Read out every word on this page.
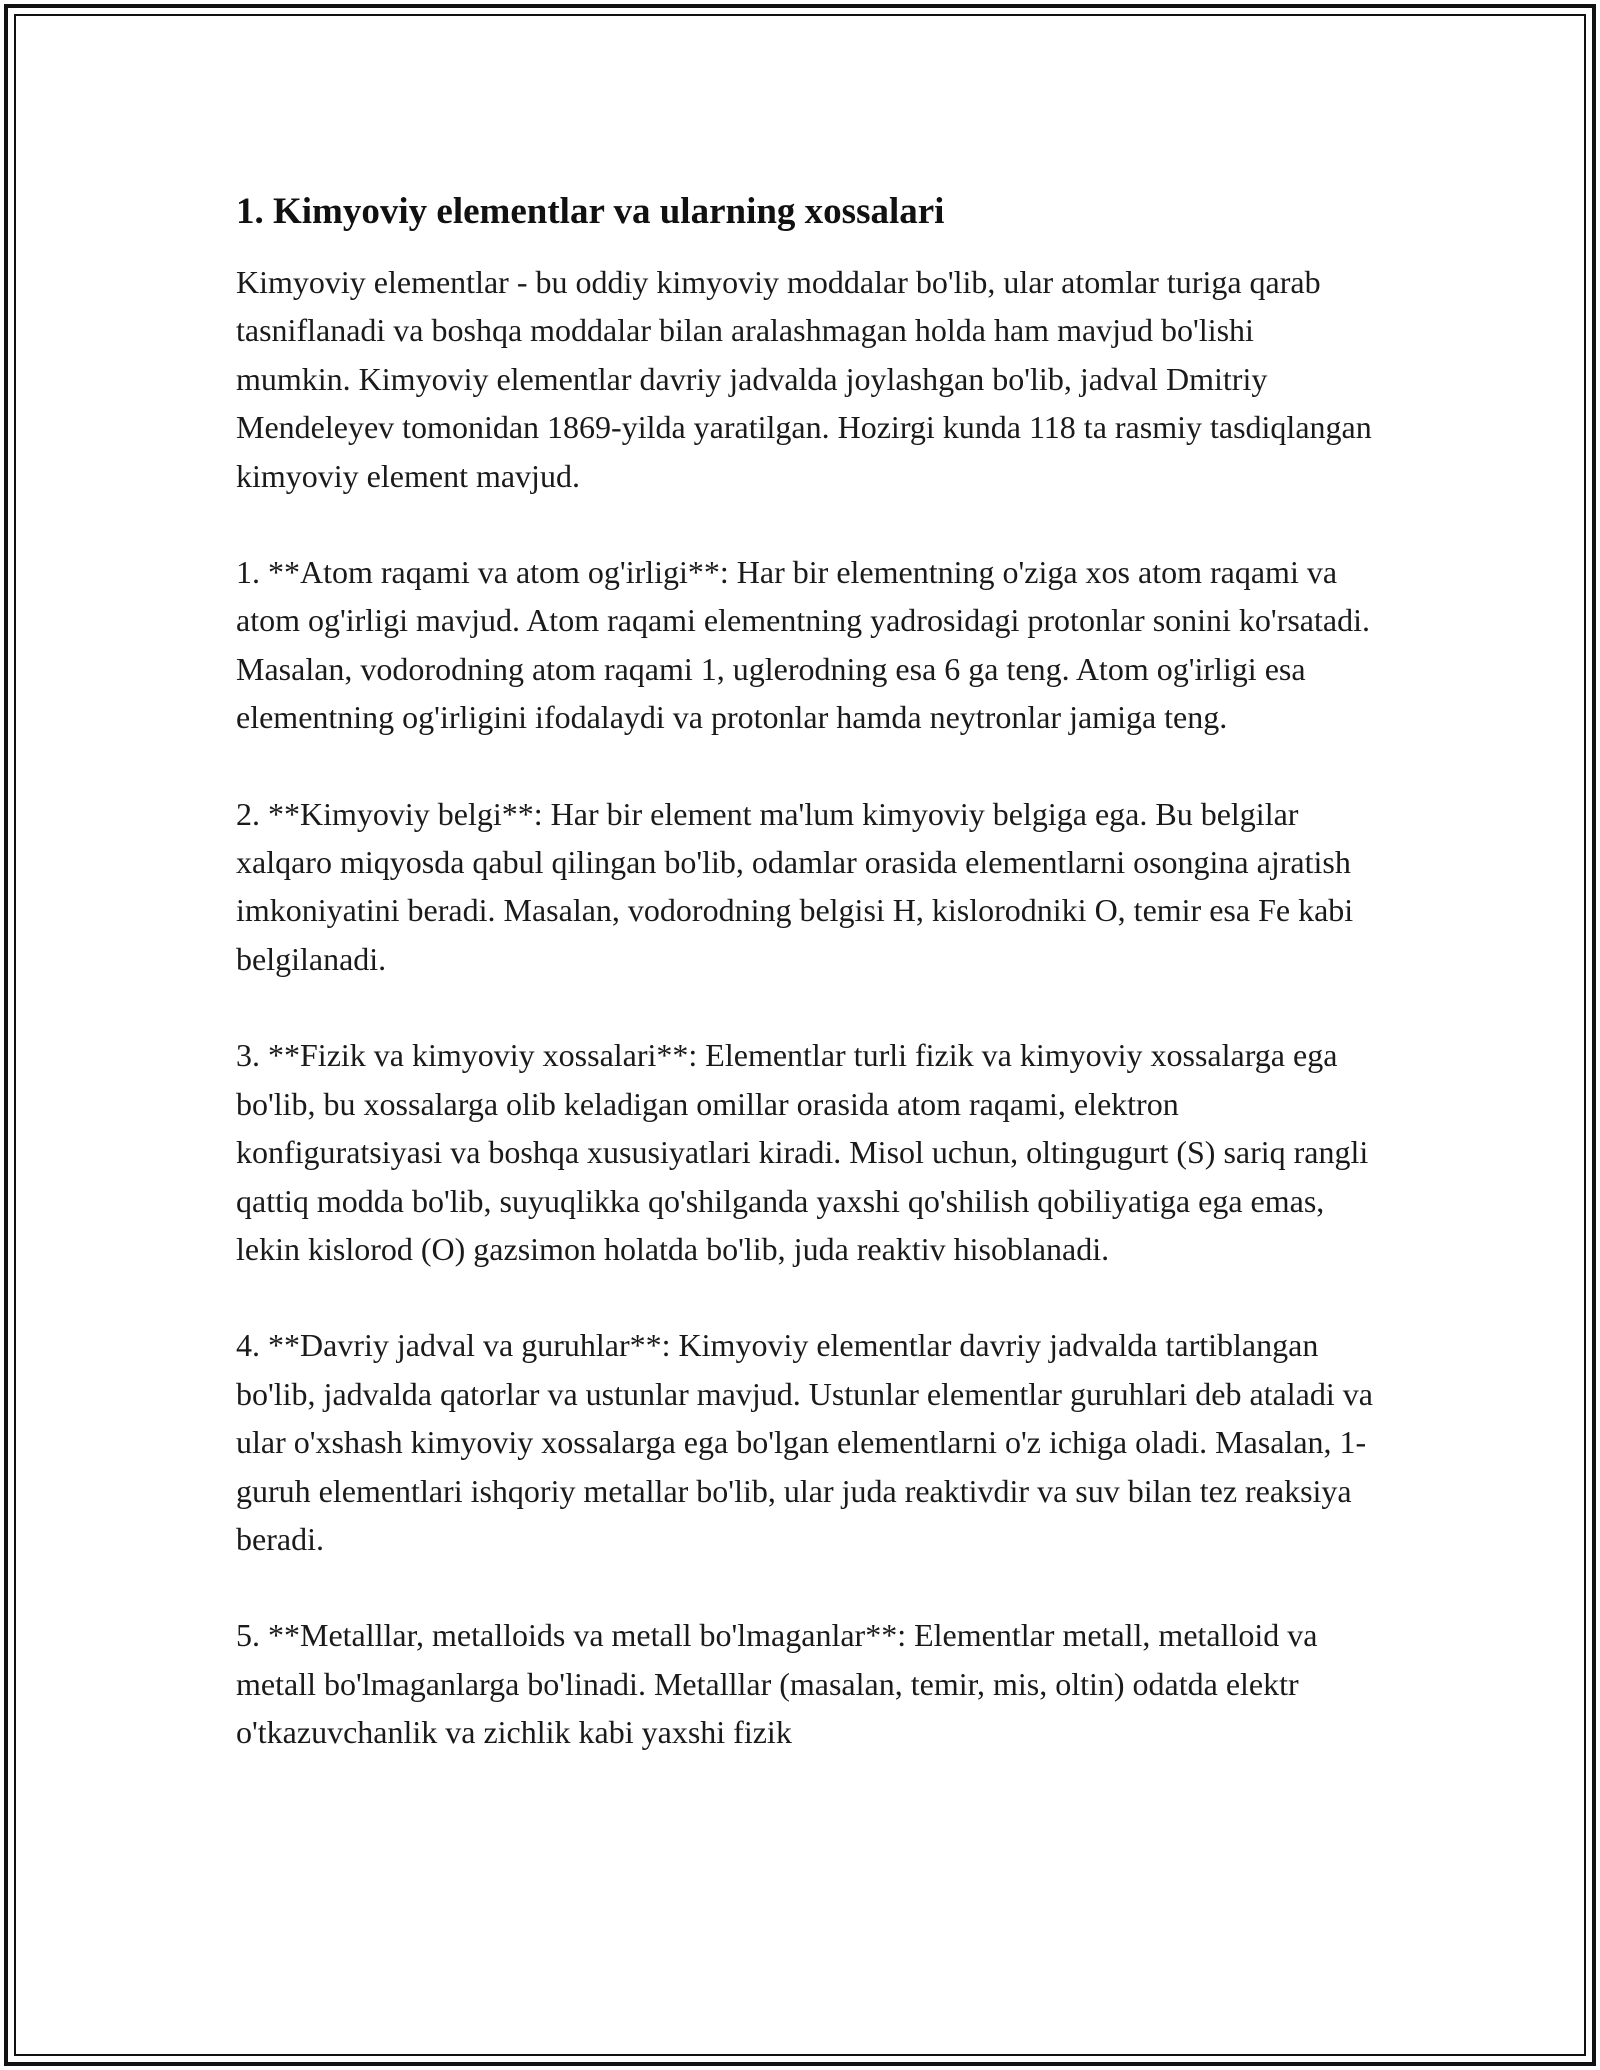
1. Kimyoviy elementlar va ularning xossalari

Kimyoviy elementlar - bu oddiy kimyoviy moddalar bo'lib, ular atomlar turiga qarab tasniflanadi va boshqa moddalar bilan aralashmagan holda ham mavjud bo'lishi mumkin. Kimyoviy elementlar davriy jadvalda joylashgan bo'lib, jadval Dmitriy Mendeleyev tomonidan 1869-yilda yaratilgan. Hozirgi kunda 118 ta rasmiy tasdiqlangan kimyoviy element mavjud.

1. **Atom raqami va atom og'irligi**: Har bir elementning o'ziga xos atom raqami va atom og'irligi mavjud. Atom raqami elementning yadrosidagi protonlar sonini ko'rsatadi. Masalan, vodorodning atom raqami 1, uglerodning esa 6 ga teng. Atom og'irligi esa elementning og'irligini ifodalaydi va protonlar hamda neytronlar jamiga teng.

2. **Kimyoviy belgi**: Har bir element ma'lum kimyoviy belgiga ega. Bu belgilar xalqaro miqyosda qabul qilingan bo'lib, odamlar orasida elementlarni osongina ajratish imkoniyatini beradi. Masalan, vodorodning belgisi H, kislorodniki O, temir esa Fe kabi belgilanadi.

3. **Fizik va kimyoviy xossalari**: Elementlar turli fizik va kimyoviy xossalarga ega bo'lib, bu xossalarga olib keladigan omillar orasida atom raqami, elektron konfiguratsiyasi va boshqa xususiyatlari kiradi. Misol uchun, oltingugurt (S) sariq rangli qattiq modda bo'lib, suyuqlikka qo'shilganda yaxshi qo'shilish qobiliyatiga ega emas, lekin kislorod (O) gazsimon holatda bo'lib, juda reaktiv hisoblanadi.

4. **Davriy jadval va guruhlar**: Kimyoviy elementlar davriy jadvalda tartiblangan bo'lib, jadvalda qatorlar va ustunlar mavjud. Ustunlar elementlar guruhlari deb ataladi va ular o'xshash kimyoviy xossalarga ega bo'lgan elementlarni o'z ichiga oladi. Masalan, 1-guruh elementlari ishqoriy metallar bo'lib, ular juda reaktivdir va suv bilan tez reaksiya beradi.

5. **Metalllar, metalloids va metall bo'lmaganlar**: Elementlar metall, metalloid va metall bo'lmaganlarga bo'linadi. Metalllar (masalan, temir, mis, oltin) odatda elektr o'tkazuvchanlik va zichlik kabi yaxshi fizik
